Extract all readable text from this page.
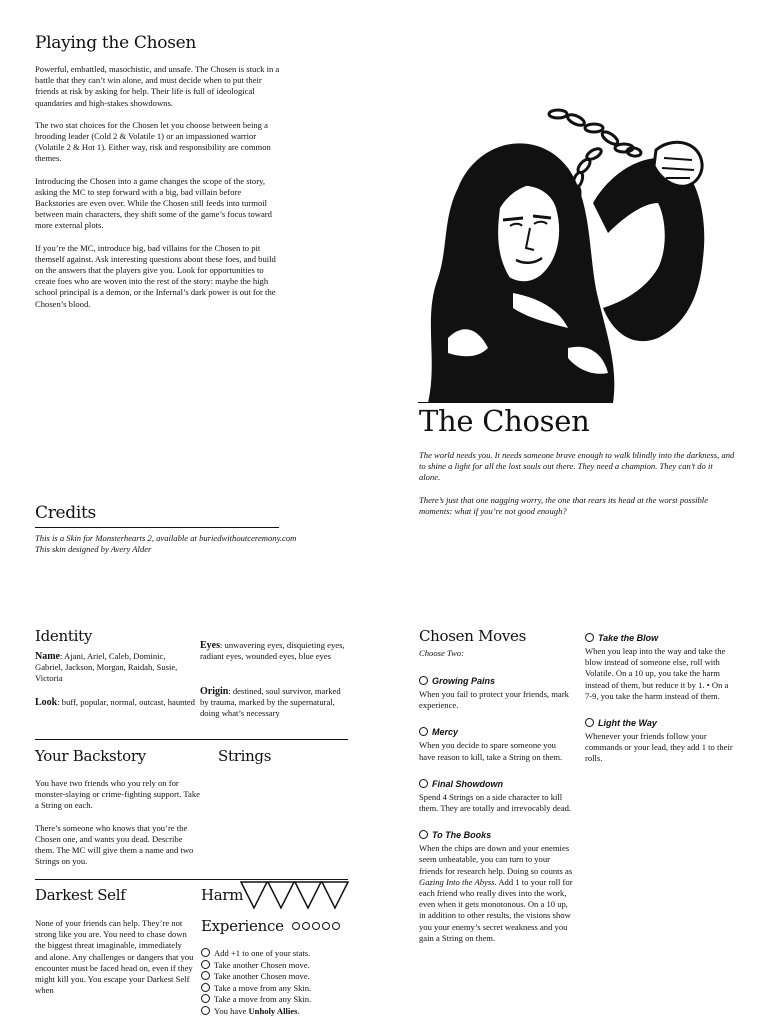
Playing the Chosen

Powerful, embattled, masochistic, and unsafe. The Chosen is stuck in a battle that they can’t win alone, and must decide when to put their friends at risk by asking for help. Their life is full of ideological quandaries and high-stakes showdowns.

The two stat choices for the Chosen let you choose between being a brooding leader (Cold 2 & Volatile 1) or an impassioned warrior (Volatile 2 & Hot 1). Either way, risk and responsibility are common themes.

Introducing the Chosen into a game changes the scope of the story, asking the MC to step forward with a big, bad villain before Backstories are even over. While the Chosen still feeds into turmoil between main characters, they shift some of the game’s focus toward more external plots.

If you’re the MC, introduce big, bad villains for the Chosen to pit themself against. Ask interesting questions about these foes, and build on the answers that the players give you. Look for opportunities to create foes who are woven into the rest of the story: maybe the high school principal is a demon, or the Infernal’s dark power is out for the Chosen’s blood.

The Chosen

The world needs you. It needs someone brave enough to walk blindly into the darkness, and to shine a light for all the lost souls out there. They need a champion. They can’t do it alone.

There’s just that one nagging worry, the one that rears its head at the worst possible moments: what if you’re not good enough?

Credits

This is a Skin for Monsterhearts 2, available at buriedwithoutceremony.com

This skin designed by Avery Alder

Identity

Name: Ajani, Ariel, Caleb, Dominic, Gabriel, Jackson, Morgan, Raidah, Susie, Victoria

Look: buff, popular, normal, outcast, haunted

Eyes: unwavering eyes, disquieting eyes, radiant eyes, wounded eyes, blue eyes

Origin: destined, soul survivor, marked by trauma, marked by the supernatural, doing what’s necessary

Your Backstory

You have two friends who you rely on for monster-slaying or crime-fighting support. Take a String on each.

There’s someone who knows that you’re the Chosen one, and wants you dead. Describe them. The MC will give them a name and two Strings on you.

Strings
Darkest Self

None of your friends can help. They’re not strong like you are. You need to chase down the biggest threat imaginable, immediately and alone. Any challenges or dangers that you encounter must be faced head on, even if they might kill you. You escape your Darkest Self when

Harm
Experience
Add +1 to one of your stats.
Take another Chosen move.
Take another Chosen move.
Take a move from any Skin.
Take a move from any Skin.
You have Unholy Allies.
Chosen Moves
Choose Two:
Growing Pains

When you fail to protect your friends, mark experience.

Mercy

When you decide to spare someone you have reason to kill, take a String on them.

Final Showdown

Spend 4 Strings on a side character to kill them. They are totally and irrevocably dead.

To The Books

When the chips are down and your enemies seem unbeatable, you can turn to your friends for research help. Doing so counts as Gazing Into the Abyss. Add 1 to your roll for each friend who really dives into the work, even when it gets monotonous. On a 10 up, in addition to other results, the visions show you your enemy’s secret weakness and you gain a String on them.

Take the Blow

When you leap into the way and take the blow instead of someone else, roll with Volatile. On a 10 up, you take the harm instead of them, but reduce it by 1. • On a 7-9, you take the harm instead of them.

Light the Way

Whenever your friends follow your commands or your lead, they add 1 to their rolls.
